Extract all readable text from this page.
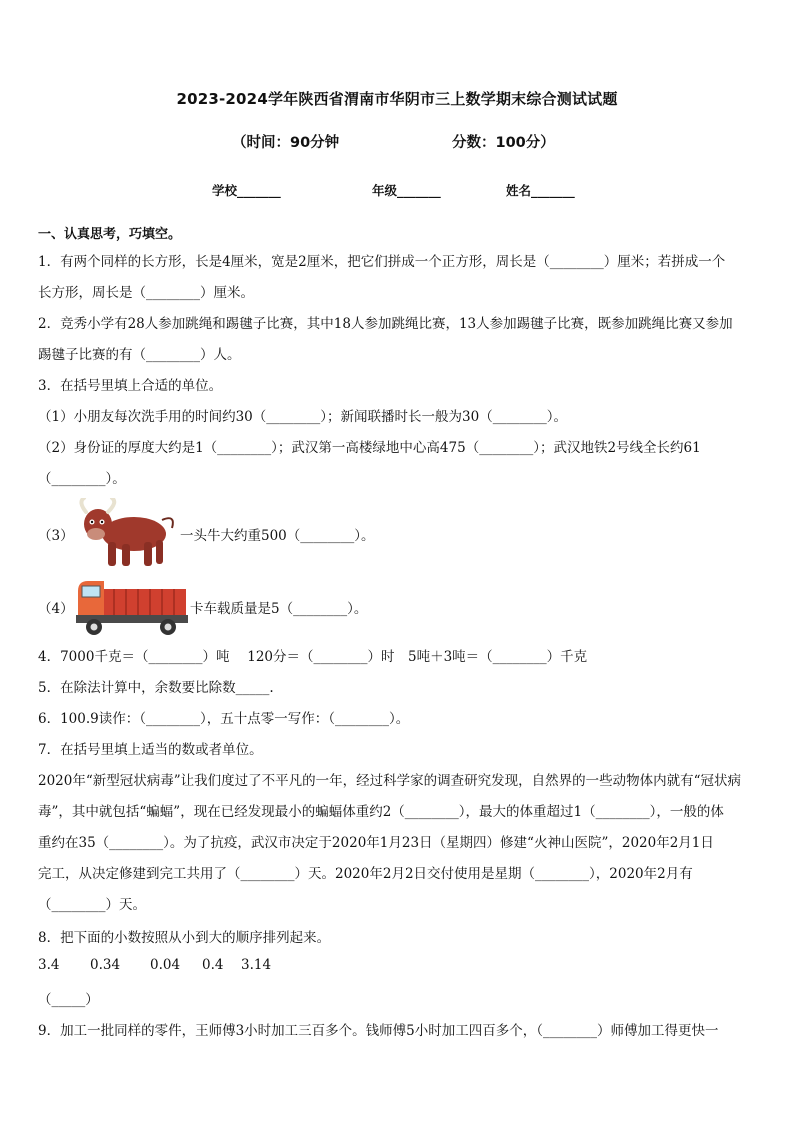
2023-2024学年陕西省渭南市华阴市三上数学期末综合测试试题
（时间：90分钟	分数：100分）
学校_______	年级_______	姓名_______
一、认真思考，巧填空。
1．有两个同样的长方形，长是4厘米，宽是2厘米，把它们拼成一个正方形，周长是（________）厘米；若拼成一个
长方形，周长是（________）厘米。
2．竞秀小学有28人参加跳绳和踢毽子比赛，其中18人参加跳绳比赛，13人参加踢毽子比赛，既参加跳绳比赛又参加
踢毽子比赛的有（________）人。
3．在括号里填上合适的单位。
（1）小朋友每次洗手用的时间约30（________）；新闻联播时长一般为30（________）。
（2）身份证的厚度大约是1（________）；武汉第一高楼绿地中心高475（________）；武汉地铁2号线全长约61
（________）。
（3）	一头牛大约重500（________）。
（4）	卡车载质量是5（________）。
4．7000千克＝（________）吨　 120分＝（________）时　5吨＋3吨＝（________）千克
5．在除法计算中，余数要比除数_____.
6．100.9读作：（________），五十点零一写作：（________）。
7．在括号里填上适当的数或者单位。
2020年“新型冠状病毒”让我们度过了不平凡的一年，经过科学家的调查研究发现，自然界的一些动物体内就有“冠状病
毒”，其中就包括“蝙蝠”，现在已经发现最小的蝙蝠体重约2（________），最大的体重超过1（________），一般的体
重约在35（________）。为了抗疫，武汉市决定于2020年1月23日（星期四）修建“火神山医院”，2020年2月1日
完工，从决定修建到完工共用了（________）天。2020年2月2日交付使用是星期（________），2020年2月有
（________）天。
8．把下面的小数按照从小到大的顺序排列起来。
3.4 0.34 0.04 0.4 3.14
（_____）
9．加工一批同样的零件，王师傅3小时加工三百多个。钱师傅5小时加工四百多个，（________）师傅加工得更快一
